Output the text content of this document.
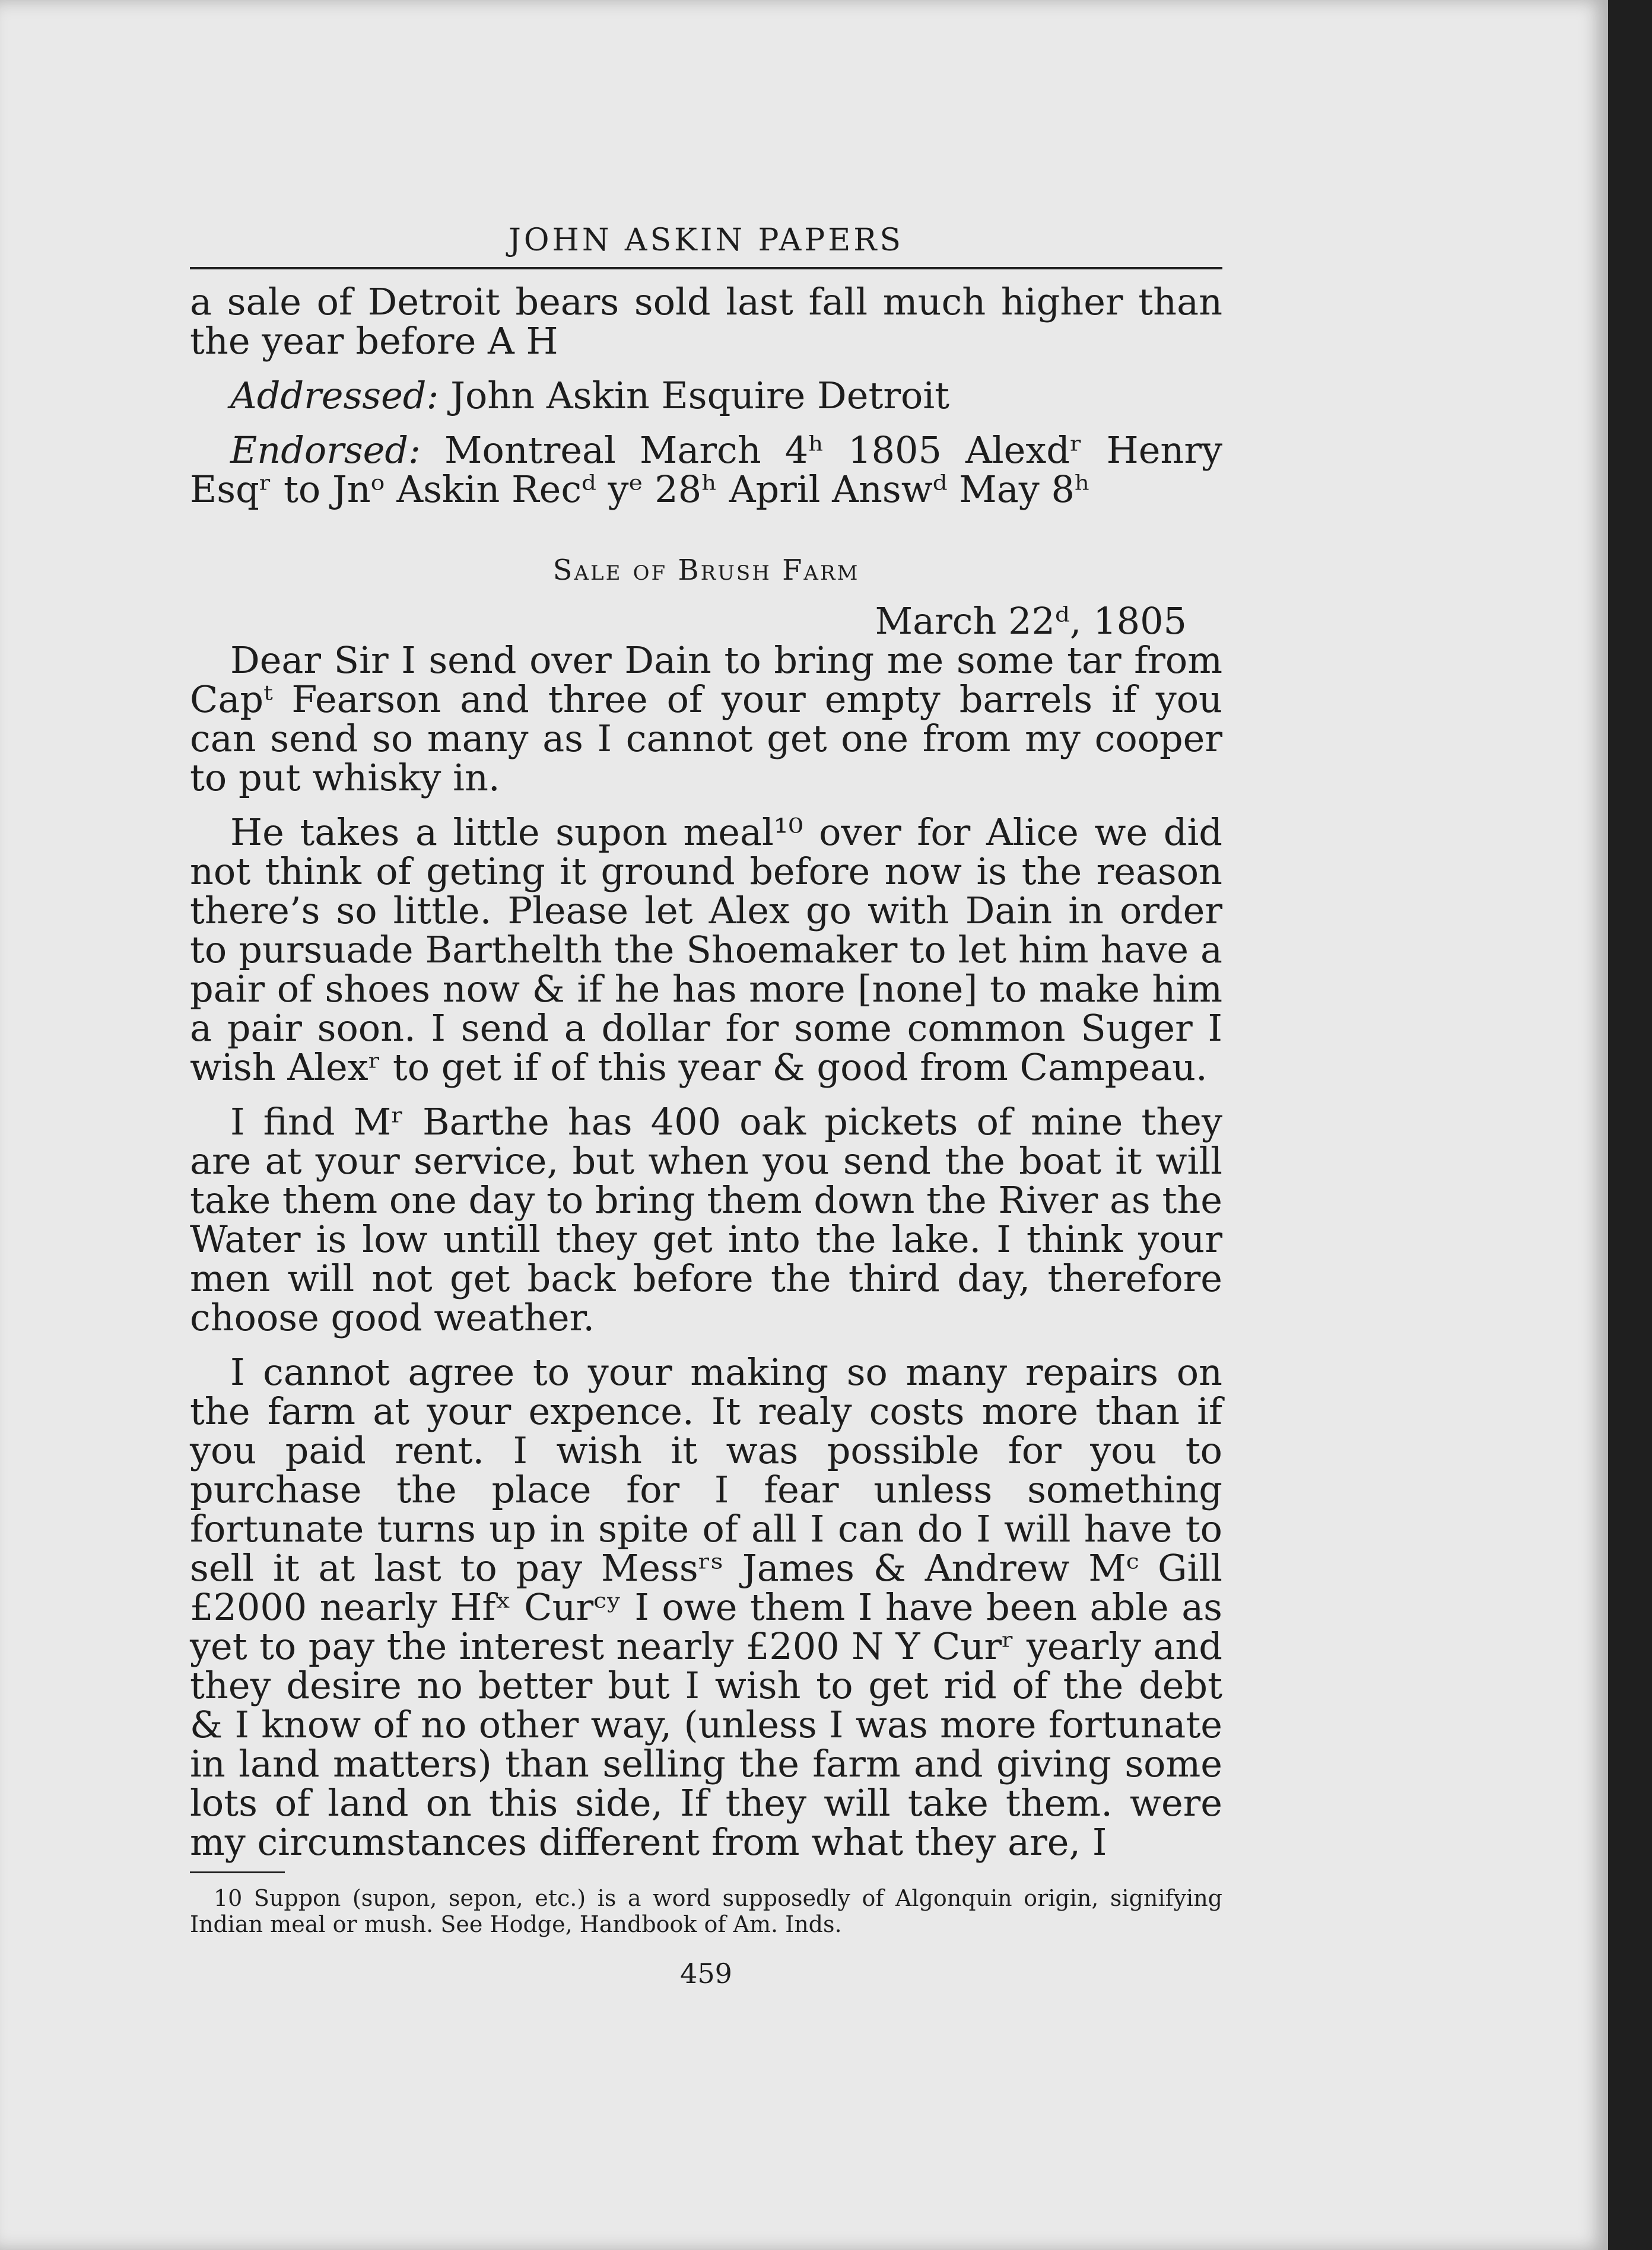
JOHN ASKIN PAPERS

a sale of Detroit bears sold last fall much higher than the year before A H

Addressed: John Askin Esquire Detroit

Endorsed: Montreal March 4ʰ 1805 Alexdʳ Henry Esqʳ to Jnᵒ Askin Recᵈ yᵉ 28ʰ April Answᵈ May 8ʰ

Sale of Brush Farm

March 22ᵈ, 1805

Dear Sir I send over Dain to bring me some tar from Capᵗ Fearson and three of your empty barrels if you can send so many as I cannot get one from my cooper to put whisky in.

He takes a little supon meal¹⁰ over for Alice we did not think of geting it ground before now is the reason there’s so little. Please let Alex go with Dain in order to pursuade Barthelth the Shoemaker to let him have a pair of shoes now & if he has more [none] to make him a pair soon. I send a dollar for some common Suger I wish Alexʳ to get if of this year & good from Campeau.

I find Mʳ Barthe has 400 oak pickets of mine they are at your service, but when you send the boat it will take them one day to bring them down the River as the Water is low untill they get into the lake. I think your men will not get back before the third day, therefore choose good weather.

I cannot agree to your making so many repairs on the farm at your expence. It realy costs more than if you paid rent. I wish it was possible for you to purchase the place for I fear unless something fortunate turns up in spite of all I can do I will have to sell it at last to pay Messʳˢ James & Andrew Mᶜ Gill £2000 nearly Hfˣ Curᶜʸ I owe them I have been able as yet to pay the interest nearly £200 N Y Curʳ yearly and they desire no better but I wish to get rid of the debt & I know of no other way, (unless I was more fortunate in land matters) than selling the farm and giving some lots of land on this side, If they will take them. were my circumstances different from what they are, I

10 Suppon (supon, sepon, etc.) is a word supposedly of Algonquin origin, signifying Indian meal or mush. See Hodge, Handbook of Am. Inds.

459
